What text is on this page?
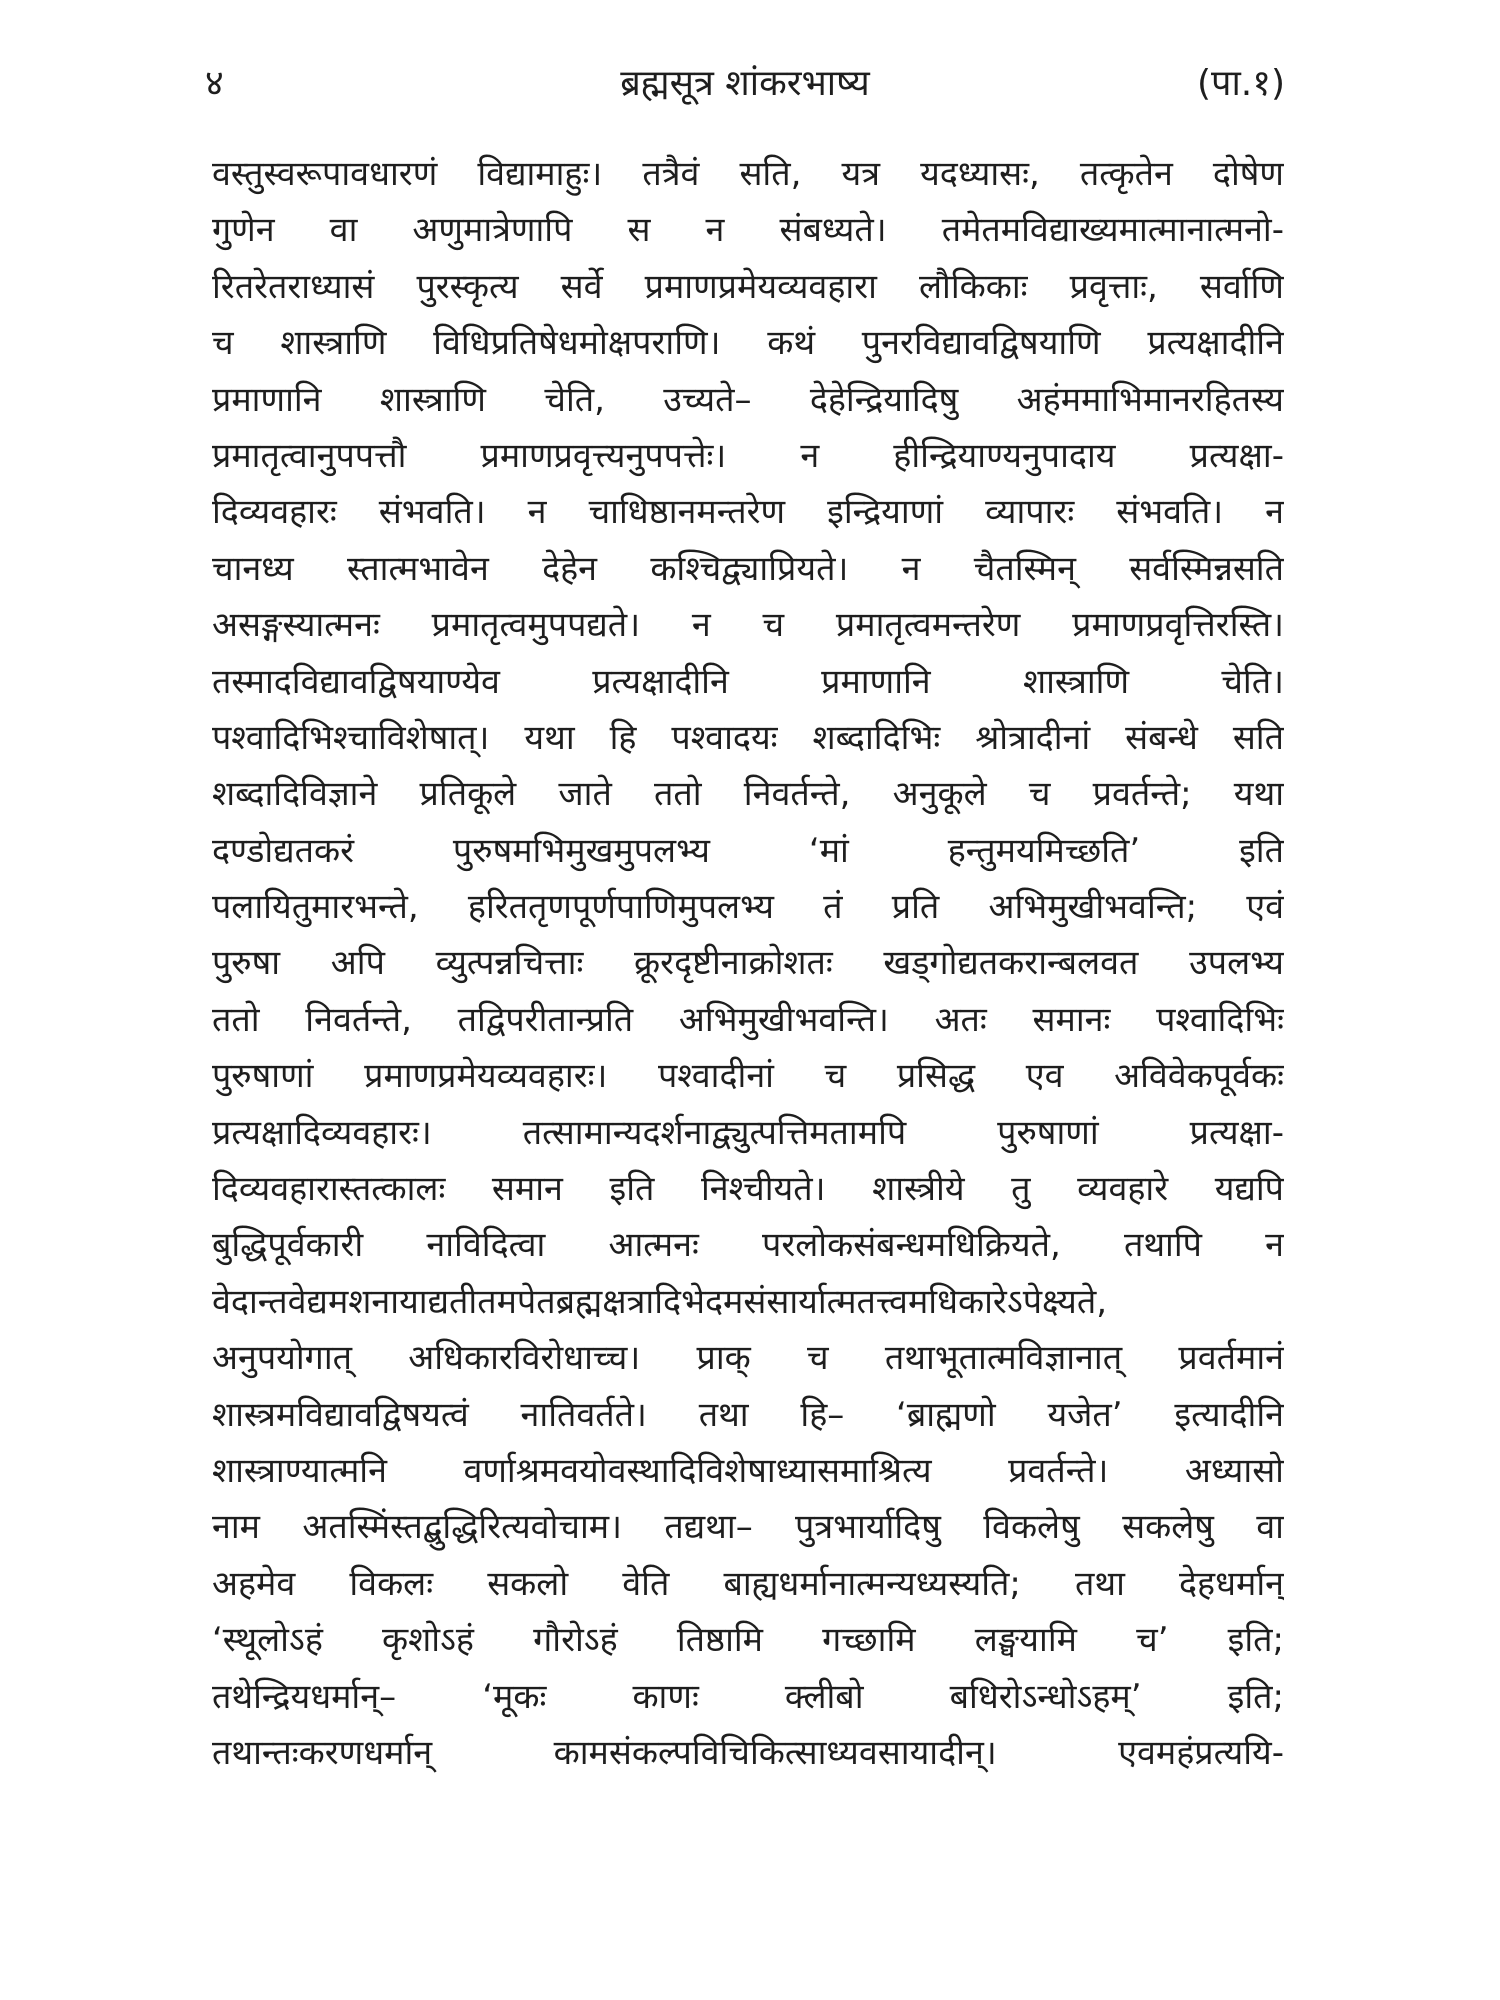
४	ब्रह्मसूत्र शांकरभाष्य	(पा.१)
वस्तुस्वरूपावधारणं विद्यामाहुः। तत्रैवं सति, यत्र यदध्यासः, तत्कृतेन दोषेण
गुणेन वा अणुमात्रेणापि स न संबध्यते। तमेतमविद्याख्यमात्मानात्मनो-
रितरेतराध्यासं पुरस्कृत्य सर्वे प्रमाणप्रमेयव्यवहारा लौकिकाः प्रवृत्ताः, सर्वाणि
च शास्त्राणि विधिप्रतिषेधमोक्षपराणि। कथं पुनरविद्यावद्विषयाणि प्रत्यक्षादीनि
प्रमाणानि शास्त्राणि चेति, उच्यते– देहेन्द्रियादिषु अहंममाभिमानरहितस्य
प्रमातृत्वानुपपत्तौ प्रमाणप्रवृत्त्यनुपपत्तेः। न हीन्द्रियाण्यनुपादाय प्रत्यक्षा-
दिव्यवहारः संभवति। न चाधिष्ठानमन्तरेण इन्द्रियाणां व्यापारः संभवति। न
चानध्य स्तात्मभावेन देहेन कश्चिद्व्याप्रियते। न चैतस्मिन् सर्वस्मिन्नसति
असङ्गस्यात्मनः प्रमातृत्वमुपपद्यते। न च प्रमातृत्वमन्तरेण प्रमाणप्रवृत्तिरस्ति।
तस्मादविद्यावद्विषयाण्येव प्रत्यक्षादीनि प्रमाणानि शास्त्राणि चेति।
पश्वादिभिश्चाविशेषात्। यथा हि पश्वादयः शब्दादिभिः श्रोत्रादीनां संबन्धे सति
शब्दादिविज्ञाने प्रतिकूले जाते ततो निवर्तन्ते, अनुकूले च प्रवर्तन्ते; यथा
दण्डोद्यतकरं पुरुषमभिमुखमुपलभ्य ‘मां हन्तुमयमिच्छति’ इति
पलायितुमारभन्ते, हरिततृणपूर्णपाणिमुपलभ्य तं प्रति अभिमुखीभवन्ति; एवं
पुरुषा अपि व्युत्पन्नचित्ताः क्रूरदृष्टीनाक्रोशतः खड्गोद्यतकरान्बलवत उपलभ्य
ततो निवर्तन्ते, तद्विपरीतान्प्रति अभिमुखीभवन्ति। अतः समानः पश्वादिभिः
पुरुषाणां प्रमाणप्रमेयव्यवहारः। पश्वादीनां च प्रसिद्ध एव अविवेकपूर्वकः
प्रत्यक्षादिव्यवहारः। तत्सामान्यदर्शनाद्व्युत्पत्तिमतामपि पुरुषाणां प्रत्यक्षा-
दिव्यवहारास्तत्कालः समान इति निश्चीयते। शास्त्रीये तु व्यवहारे यद्यपि
बुद्धिपूर्वकारी नाविदित्वा आत्मनः परलोकसंबन्धमधिक्रियते, तथापि न
वेदान्तवेद्यमशनायाद्यतीतमपेतब्रह्मक्षत्रादिभेदमसंसार्यात्मतत्त्वमधिकारेऽपेक्ष्यते,
अनुपयोगात् अधिकारविरोधाच्च। प्राक् च तथाभूतात्मविज्ञानात् प्रवर्तमानं
शास्त्रमविद्यावद्विषयत्वं नातिवर्तते। तथा हि– ‘ब्राह्मणो यजेत’ इत्यादीनि
शास्त्राण्यात्मनि वर्णाश्रमवयोवस्थादिविशेषाध्यासमाश्रित्य प्रवर्तन्ते। अध्यासो
नाम अतस्मिंस्तद्बुद्धिरित्यवोचाम। तद्यथा– पुत्रभार्यादिषु विकलेषु सकलेषु वा
अहमेव विकलः सकलो वेति बाह्यधर्मानात्मन्यध्यस्यति; तथा देहधर्मान्
‘स्थूलोऽहं कृशोऽहं गौरोऽहं तिष्ठामि गच्छामि लङ्घयामि च’ इति;
तथेन्द्रियधर्मान्– ‘मूकः काणः क्लीबो बधिरोऽन्धोऽहम्’ इति;
तथान्तःकरणधर्मान् कामसंकल्पविचिकित्साध्यवसायादीन्। एवमहंप्रत्ययि-
